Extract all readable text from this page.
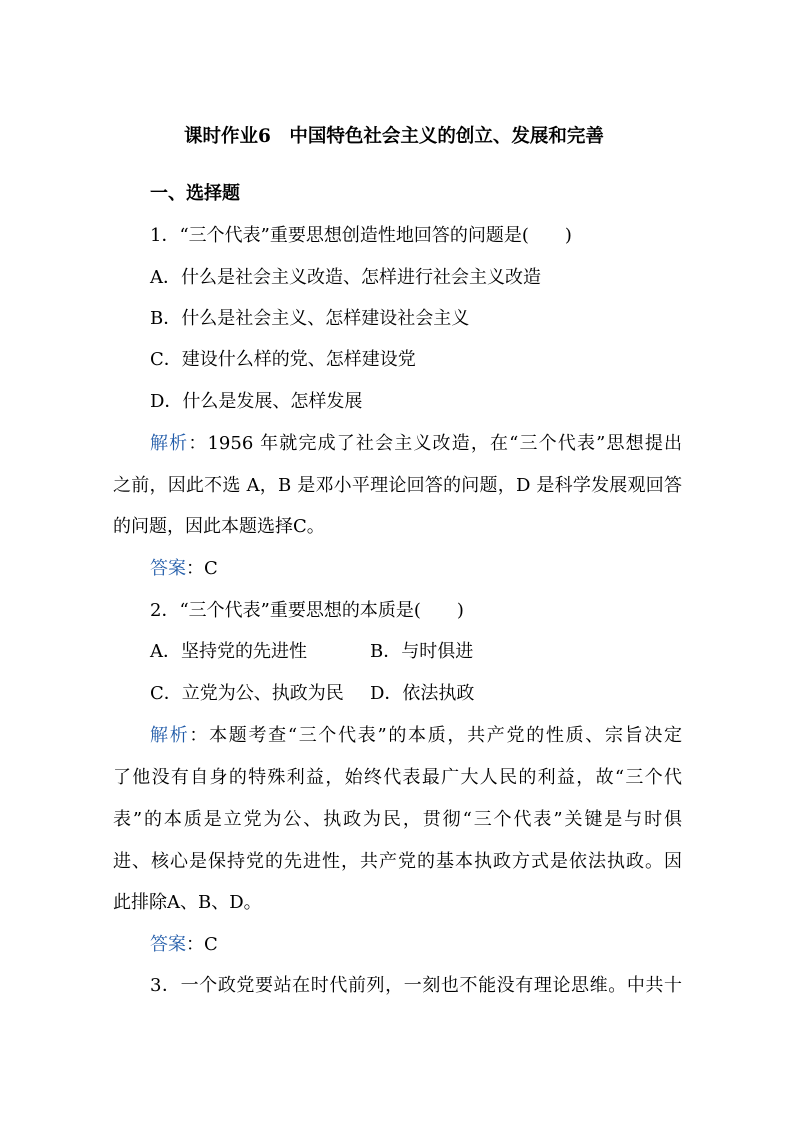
课时作业6　中国特色社会主义的创立、发展和完善
一、选择题
1．“三个代表”重要思想创造性地回答的问题是(　　)
A．什么是社会主义改造、怎样进行社会主义改造
B．什么是社会主义、怎样建设社会主义
C．建设什么样的党、怎样建设党
D．什么是发展、怎样发展
解析：1956 年就完成了社会主义改造，在“三个代表”思想提出
之前，因此不选 A，B 是邓小平理论回答的问题，D 是科学发展观回答
的问题，因此本题选择C。
答案：C
2．“三个代表”重要思想的本质是(　　)
A．坚持党的先进性	B．与时俱进
C．立党为公、执政为民 D．依法执政
解析：本题考查“三个代表”的本质，共产党的性质、宗旨决定
了他没有自身的特殊利益，始终代表最广大人民的利益，故“三个代
表”的本质是立党为公、执政为民，贯彻“三个代表”关键是与时俱
进、核心是保持党的先进性，共产党的基本执政方式是依法执政。因
此排除A、B、D。
答案：C
3．一个政党要站在时代前列，一刻也不能没有理论思维。中共十
